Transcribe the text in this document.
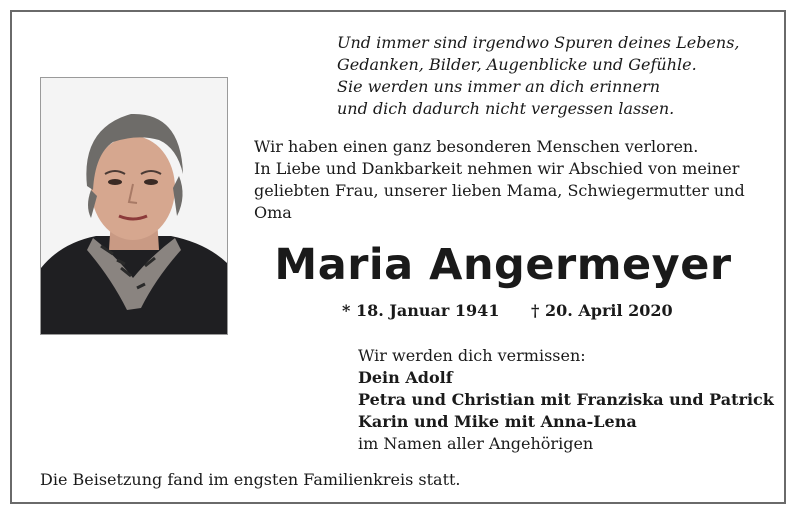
Und immer sind irgendwo Spuren deines Lebens,
Gedanken, Bilder, Augenblicke und Gefühle.
Sie werden uns immer an dich erinnern
und dich dadurch nicht vergessen lassen.
Wir haben einen ganz besonderen Menschen verloren.
In Liebe und Dankbarkeit nehmen wir Abschied von meiner
geliebten Frau, unserer lieben Mama, Schwiegermutter und
Oma
Maria Angermeyer
* 18. Januar 1941 † 20. April 2020
Wir werden dich vermissen:
Dein Adolf
Petra und Christian mit Franziska und Patrick
Karin und Mike mit Anna-Lena
im Namen aller Angehörigen
Die Beisetzung fand im engsten Familienkreis statt.
